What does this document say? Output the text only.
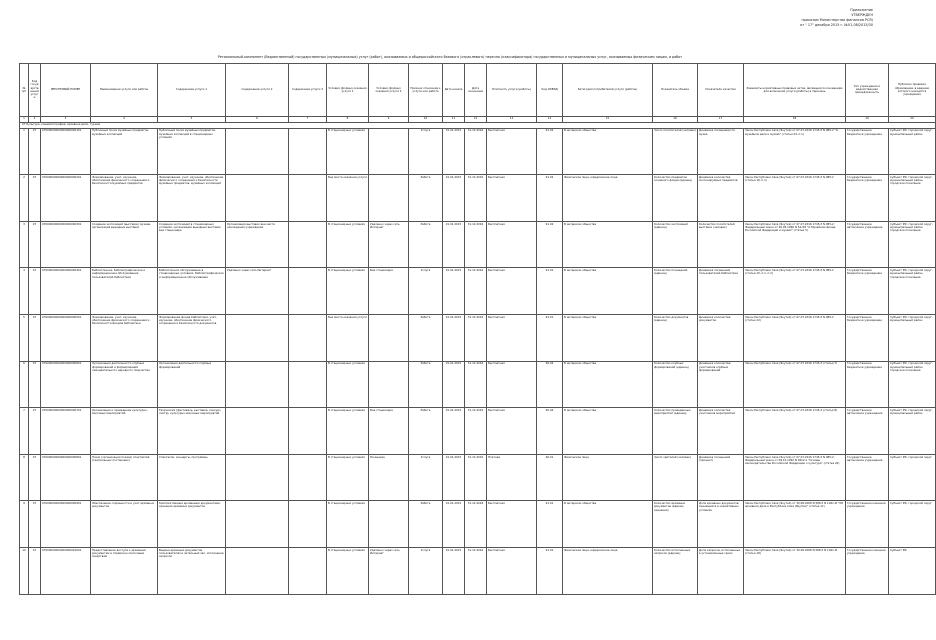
Приложение
УТВЕРЖДЕН
приказом Министерства финансов РСЯ)
от " 17" декабря 2015 г. №01-08/2015/30
Региональный-компонент (Ведомственный) государственных (муниципальных) услуг (работ), оказываемых и общероссийского базового (отраслевого) перечня (классификатора) государственных и муниципальных услуг, оказываемых физическим лицам, и работ
№ п/п	Код государственной услуги	РЕЕСТРОВЫЙ НОМЕР	Наименование услуги или работы	Содержание услуги 1	Содержание услуги 2	Содержание услуги 3	Условия (формы) оказания услуги 1	Условия (формы) оказания услуги 2	Признак отнесения к услуге или работе	Дата начала	Дата окончания	Платность услуги (работы)	Код ОКВЭД	Категория потребителей услуги (работы)	Показатель объема	Показатели качества	Реквизиты нормативных правовых актов, являющихся основанием для включения услуги (работы) в перечень	Тип учреждения и ведомственная принадлежность	Публично-правовое образование, в ведении которого находятся учреждения
1	2	3	4	5	6	7	8	9	10	11	12	13	14	15	16	17	18	19	20
07 Культура, кинематография, архивное дело, туризм																			
1	07	07000000000000000000101	Публичный показ музейных предметов, музейных коллекций	Публичный показ музейных предметов, музейных коллекций в стационарных условиях			В стационарных условиях		Услуга	01.01.2015	31.12.2016	Бесплатная	91.02	В интересах общества	Число посетителей (человек)	Динамика посещаемости музея	Закон Республики Саха (Якутия) от 07.07.2016 1745-З N 985-V "О музейном деле и музеях" (статья 24, п.1)	Государственное бюджетное учреждение	Субъект РФ, городской округ, муниципальный район
2	07	07000000000000000000201	Формирование, учет, изучение, обеспечение физического сохранения и безопасности музейных предметов	Формирование, учет, изучение, обеспечение физического сохранения и безопасности музейных предметов, музейных коллекций			Вне места оказания услуги		Работа	01.01.2015	31.12.2016	Бесплатная	91.02	Физические лица, юридические лица	Количество предметов основного фонда (единиц)	Динамика количества экспонируемых предметов	Закон Республики Саха (Якутия) от 07.07.2016 1745-З N 985-V (статья 16, п.1)	Государственное бюджетное учреждение	Субъект РФ, городской округ, муниципальный район, городское поселение
3	07	07000000000000000000301	Создание экспозиций (выставок) музеев, организация выездных выставок	Создание экспозиций в стационарных условиях, организация выездных выставок вне стационара	Организация выставок вне места нахождения учреждения		В стационарных условиях	Удаленно через сеть Интернет	Работа	01.01.2015	31.12.2016	Бесплатная	91.02	В интересах общества	Количество экспозиций (единиц)	Количество посетителей выставок (человек)	Закон Республики Саха (Якутия) от 07.07.2016 1745-З N 985-V; Федеральный закон от 26.05.1996 N 54-ФЗ "О Музейном фонде Российской Федерации и музеях" (статья 3)	Государственное автономное учреждение	Субъект РФ, городской округ, муниципальный район, городское поселение
4	07	07000000000000000000401	Библиотечное, библиографическое и информационное обслуживание пользователей библиотеки	Библиотечное обслуживание в стационарных условиях, библиографическое и информационное обслуживание	Удаленно через сеть Интернет		В стационарных условиях	Вне стационара	Услуга	01.01.2015	31.12.2016	Бесплатная	91.01	В интересах общества	Количество посещений (единиц)	Динамика посещений пользователей библиотеки	Закон Республики Саха (Якутия) от 07.07.2016 1745-З N 985-V (статья 15, п.1, п.2)	Государственное бюджетное учреждение	Субъект РФ, городской округ, муниципальный район, городское поселение
5	07	07000000000000000000501	Формирование, учет, изучение, обеспечение физического сохранения и безопасности фондов библиотеки	Формирование фонда библиотеки, учет, изучение, обеспечение физического сохранения и безопасности документов			Вне места оказания услуги		Работа	01.01.2015	31.12.2016	Бесплатная	91.01	В интересах общества	Количество документов (единиц)	Динамика количества документов	Закон Республики Саха (Якутия) от 07.07.2016 1745-З N 985-V (статья 12)	Государственное бюджетное учреждение	Субъект РФ, городской округ, муниципальный район
6	07	07000000000000000000601	Организация деятельности клубных формирований и формирований самодеятельного народного творчества	Организация деятельности клубных формирований			В стационарных условиях		Работа	01.01.2015	31.12.2016	Бесплатная	90.04	В интересах общества	Количество клубных формирований (единиц)	Динамика количества участников клубных формирований	Закон Республики Саха (Якутия) от 07.07.2016 1745-З (статья 7)	Государственное бюджетное учреждение	Субъект РФ, городской округ, муниципальный район, городское поселение
7	07	07000000000000000000701	Организация и проведение культурно-массовых мероприятий	Творческих (фестиваль, выставка, конкурс, смотр), культурно-массовых мероприятий			В стационарных условиях	Вне стационара	Работа	01.01.2015	31.12.2016	Бесплатная	90.04	В интересах общества	Количество проведенных мероприятий (единиц)	Динамика количества участников мероприятий	Закон Республики Саха (Якутия) от 07.07.2016 1745-З (статья 8)	Государственное автономное учреждение	Субъект РФ, городской округ, муниципальный район
8	07	07000000000000000000801	Показ (организация показа) спектаклей (театральных постановок)	Спектакли, концерты, программы			В стационарных условиях	На выезде	Услуга	01.01.2015	31.12.2016	Платная	90.01	Физические лица	Число зрителей (человек)	Динамика посещений (процент)	Закон Республики Саха (Якутия) от 07.07.2016 1745-З N 985-V; Федеральный закон от 09.10.1992 N 3612-1 "Основы законодательства Российской Федерации о культуре" (статья 24)	Государственное автономное учреждение	Субъект РФ, городской округ
9	07	07000000000000000000901	Обеспечение сохранности и учет архивных документов	Комплектование архивными документами, хранение архивных документов			В стационарных условиях		Работа	01.01.2015	31.12.2016	Бесплатная	91.01	В интересах общества	Количество архивных документов (единиц хранения)	Доля архивных документов, хранящихся в нормативных условиях	Закон Республики Саха (Якутия) от 30.06.2008 N 588-З N 1041-III "Об архивном деле в Республике Саха (Якутия)" (статья 11)	Государственное казенное учреждение	Субъект РФ, городской округ
10	07	07000000000000000001001	Предоставление доступа к архивным документам и справочно-поисковым средствам	Выдача архивных документов пользователям в читальный зал, исполнение запросов			В стационарных условиях	Удаленно через сеть Интернет	Услуга	01.01.2015	31.12.2016	Бесплатная	91.01	Физические лица, юридические лица	Количество исполненных запросов (единиц)	Доля запросов, исполненных в установленные сроки	Закон Республики Саха (Якутия) от 30.06.2008 N 588-З N 1041-III (статья 18)	Государственное казенное учреждение	Субъект РФ
